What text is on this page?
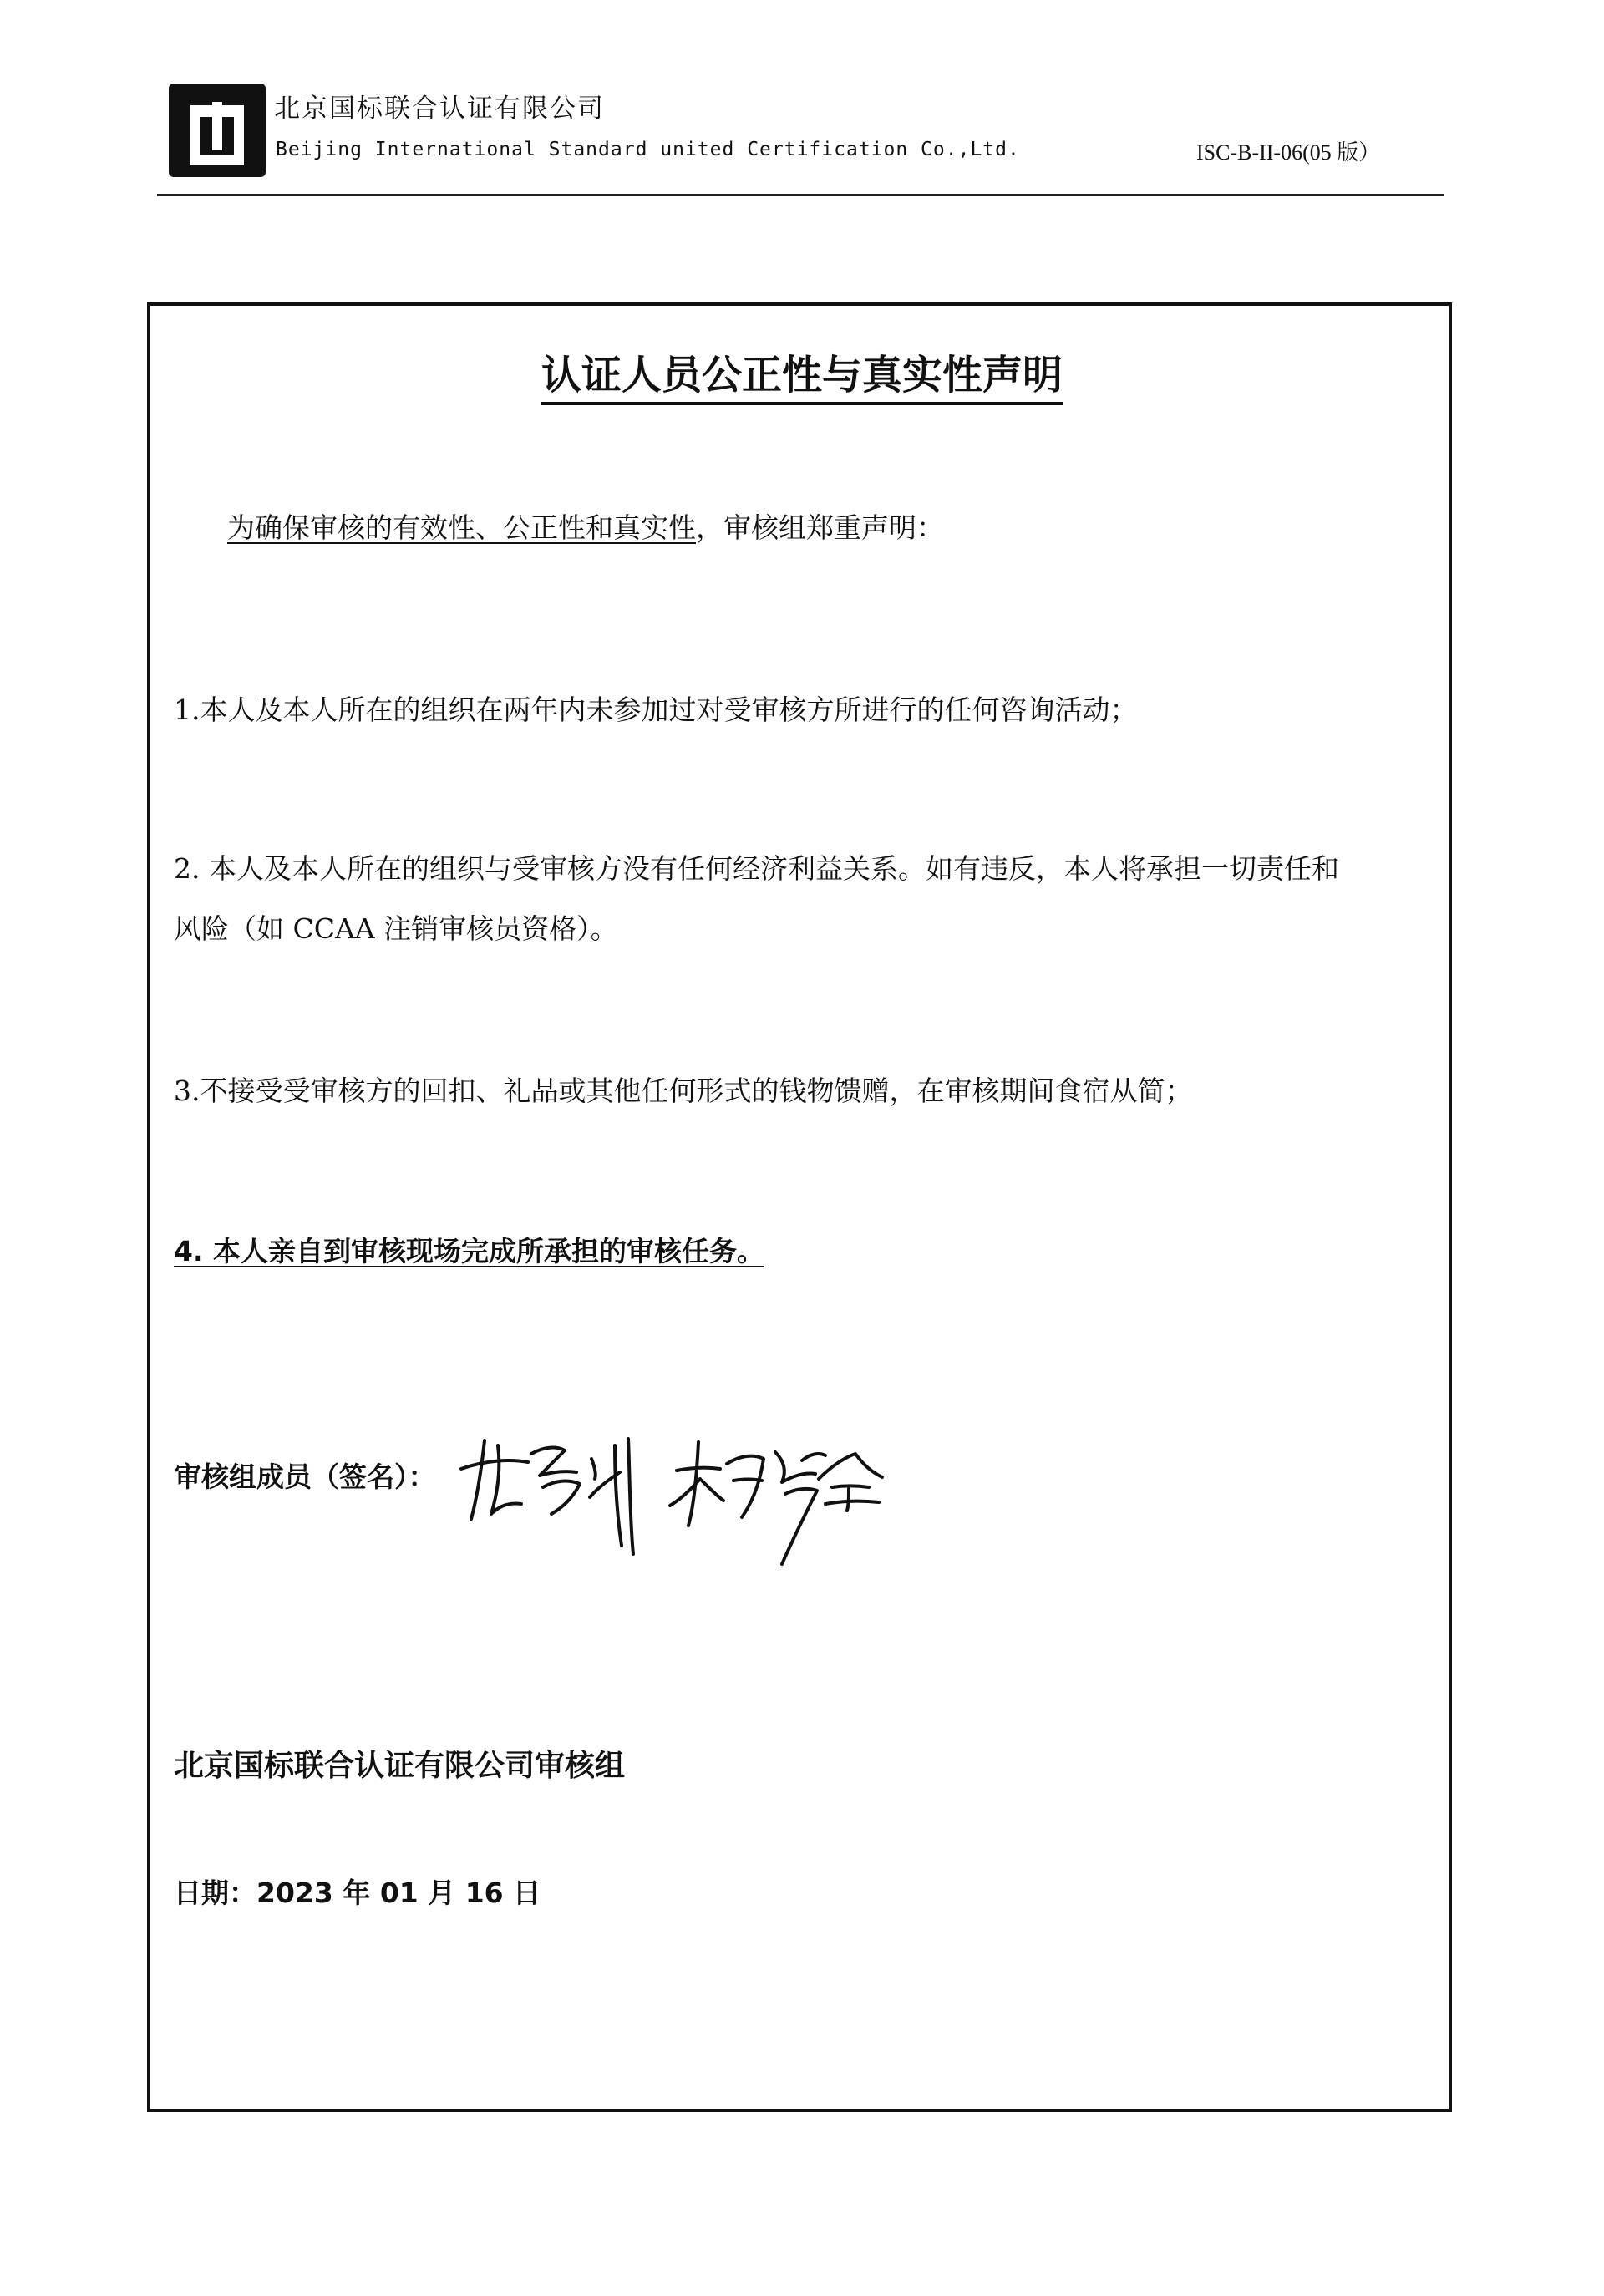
北京国标联合认证有限公司
Beijing International Standard united Certification Co.,Ltd.	ISC-B-II-06(05 版）
认证人员公正性与真实性声明
为确保审核的有效性、公正性和真实性，审核组郑重声明：
1.本人及本人所在的组织在两年内未参加过对受审核方所进行的任何咨询活动；
2. 本人及本人所在的组织与受审核方没有任何经济利益关系。如有违反，本人将承担一切责任和
风险（如 CCAA 注销审核员资格）。
3.不接受受审核方的回扣、礼品或其他任何形式的钱物馈赠，在审核期间食宿从简；
4. 本人亲自到审核现场完成所承担的审核任务。
审核组成员（签名）：
北京国标联合认证有限公司审核组
日期：2023 年 01 月 16 日
